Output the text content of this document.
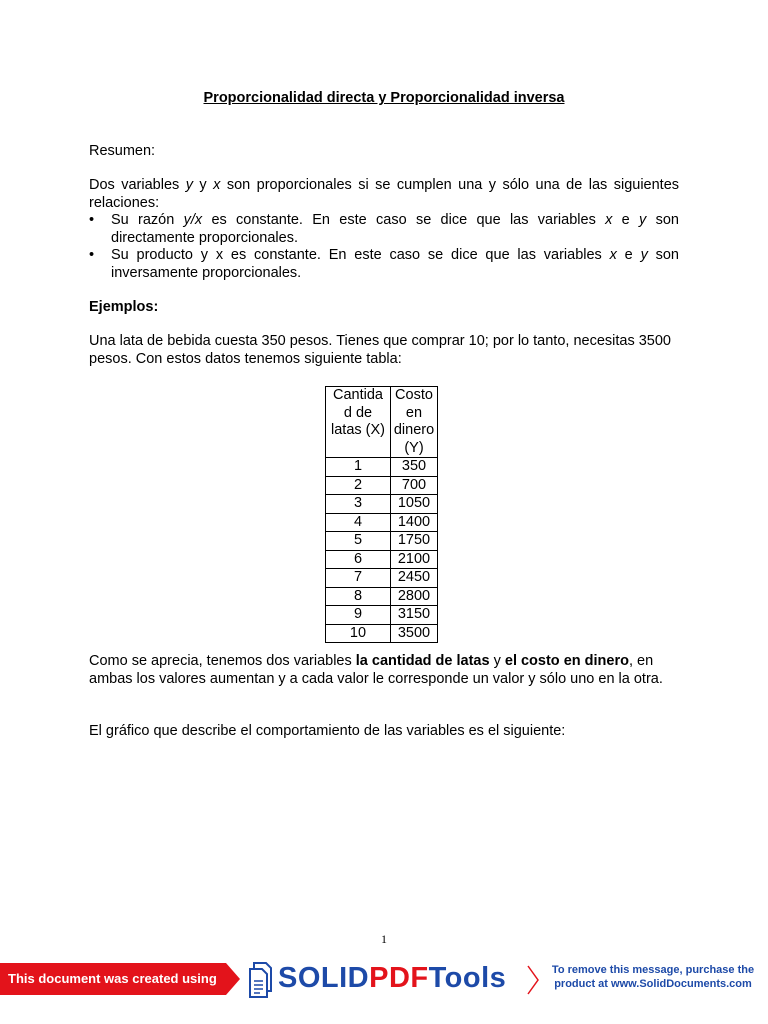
Proporcionalidad directa y Proporcionalidad inversa
Resumen:
Dos variables y y x son proporcionales si se cumplen una y sólo una de las siguientes relaciones:
• Su razón y/x es constante. En este caso se dice que las variables x e y son directamente proporcionales.
• Su producto y x es constante. En este caso se dice que las variables x e y son inversamente proporcionales.
Ejemplos:
Una lata de bebida cuesta 350 pesos. Tienes que comprar 10; por lo tanto, necesitas 3500 pesos. Con estos datos tenemos siguiente tabla:
Cantida d de latas (X)	Costo en dinero (Y)
1	350
2	700
3	1050
4	1400
5	1750
6	2100
7	2450
8	2800
9	3150
10	3500
Como se aprecia, tenemos dos variables la cantidad de latas y el costo en dinero, en ambas los valores aumentan y a cada valor le corresponde un valor y sólo uno en la otra.
El gráfico que describe el comportamiento de las variables es el siguiente:
1
This document was created using	SOLIDPDFTools	To remove this message, purchase the product at www.SolidDocuments.com
